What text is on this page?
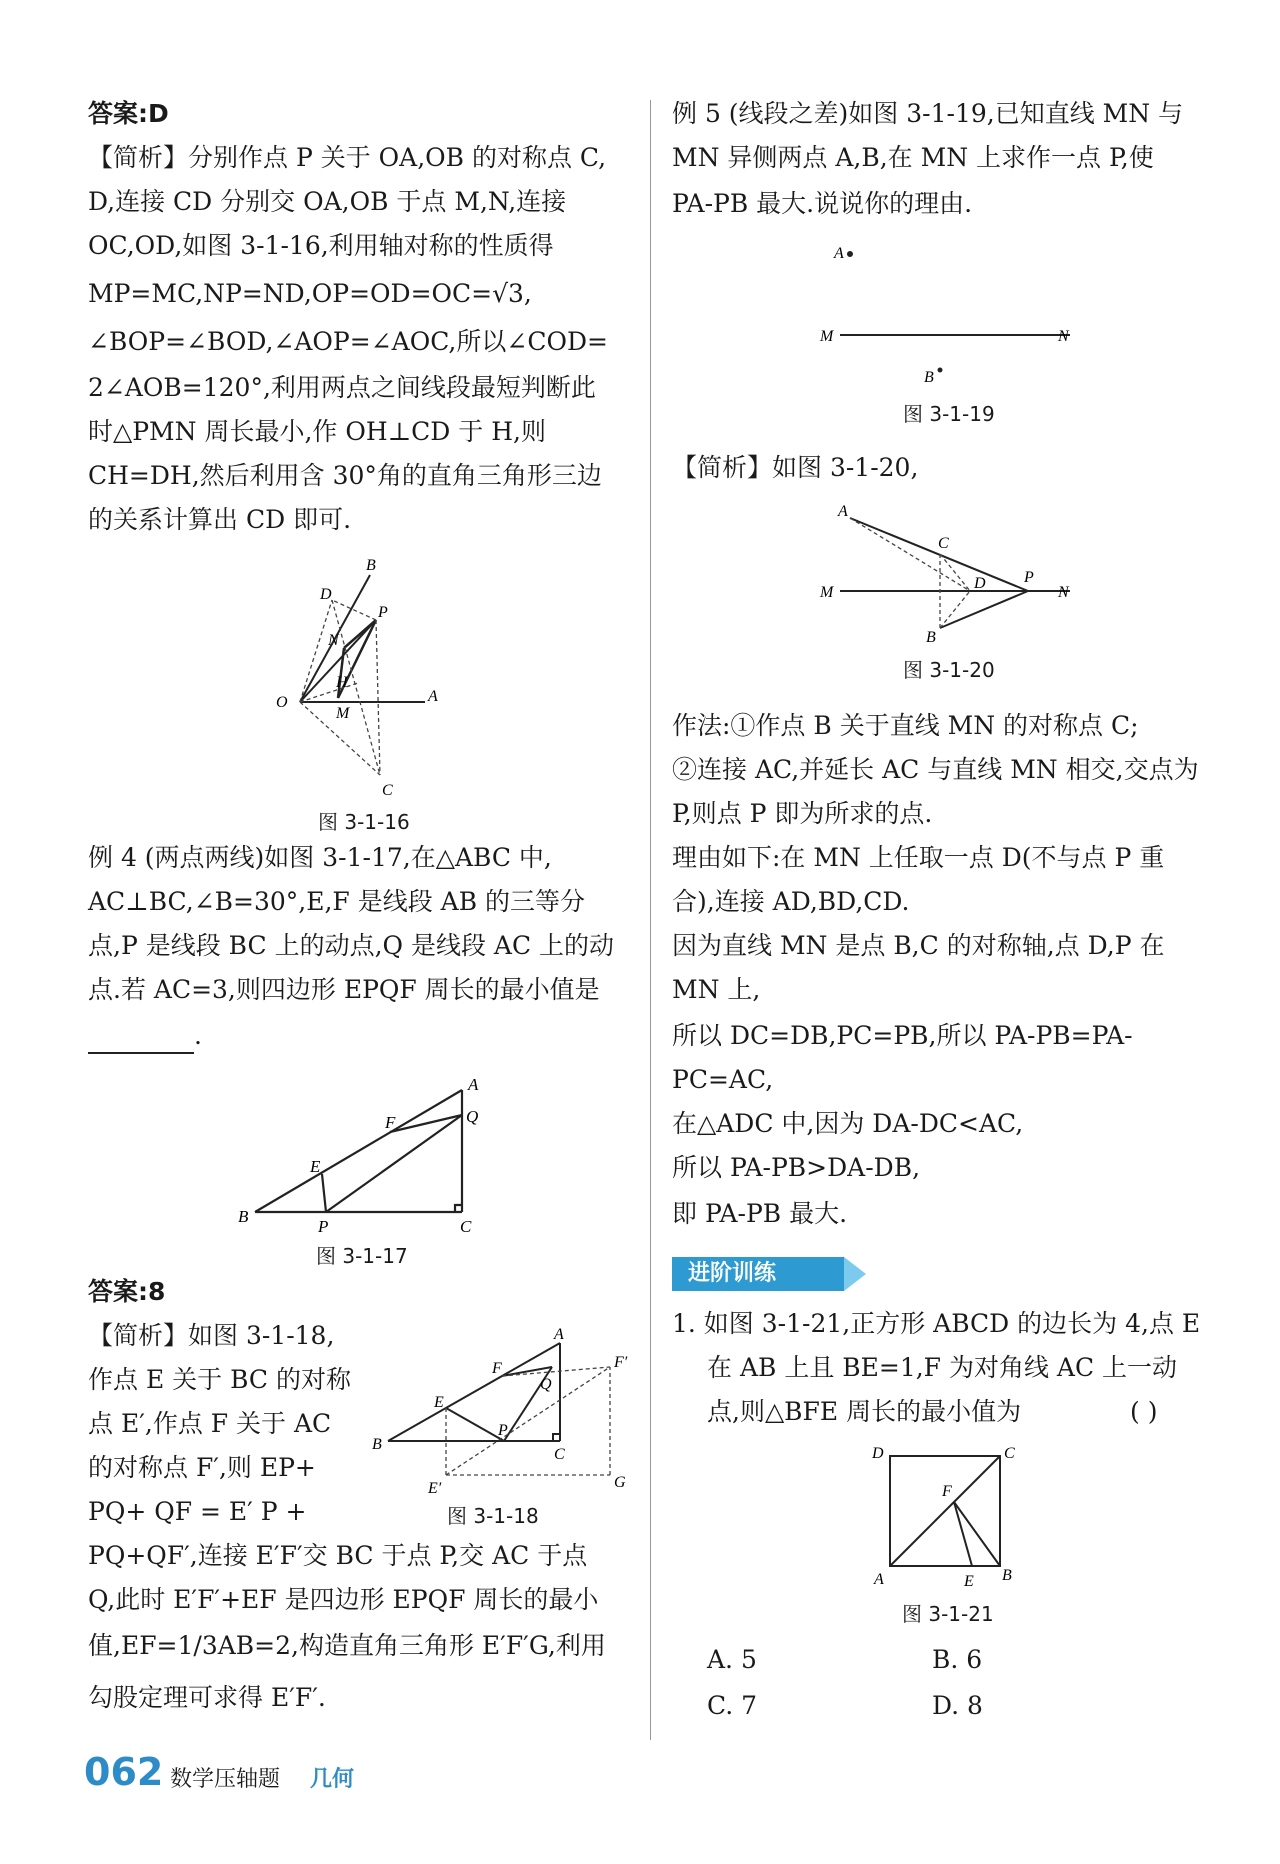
答案:D
【简析】分别作点 P 关于 OA,OB 的对称点 C,
D,连接 CD 分别交 OA,OB 于点 M,N,连接
OC,OD,如图 3-1-16,利用轴对称的性质得
MP=MC,NP=ND,OP=OD=OC=√3,
∠BOP=∠BOD,∠AOP=∠AOC,所以∠COD=
2∠AOB=120°,利用两点之间线段最短判断此
时△PMN 周长最小,作 OH⊥CD 于 H,则
CH=DH,然后利用含 30°角的直角三角形三边
的关系计算出 CD 即可.
B
D
P
N
H
O
M
A
C
图 3-1-16
例 4 (两点两线)如图 3-1-17,在△ABC 中,
AC⊥BC,∠B=30°,E,F 是线段 AB 的三等分
点,P 是线段 BC 上的动点,Q 是线段 AC 上的动
点.若 AC=3,则四边形 EPQF 周长的最小值是
.
A
Q
F
E
B
P	C
图 3-1-17
答案:8
【简析】如图 3-1-18,
作点 E 关于 BC 的对称
点 E′,作点 F 关于 AC
的对称点 F′,则 EP+
PQ+ QF = E′ P +
PQ+QF′,连接 E′F′交 BC 于点 P,交 AC 于点
Q,此时 E′F′+EF 是四边形 EPQF 周长的最小
值,EF=1/3AB=2,构造直角三角形 E′F′G,利用
勾股定理可求得 E′F′.
A
F′
F
Q
E
P
B
C
E′	G
图 3-1-18
例 5 (线段之差)如图 3-1-19,已知直线 MN 与
MN 异侧两点 A,B,在 MN 上求作一点 P,使
PA-PB 最大.说说你的理由.
A
M	N
B
图 3-1-19
【简析】如图 3-1-20,
M	N
A
C
D P
B
图 3-1-20
作法:①作点 B 关于直线 MN 的对称点 C;
②连接 AC,并延长 AC 与直线 MN 相交,交点为
P,则点 P 即为所求的点.
理由如下:在 MN 上任取一点 D(不与点 P 重
合),连接 AD,BD,CD.
因为直线 MN 是点 B,C 的对称轴,点 D,P 在
MN 上,
所以 DC=DB,PC=PB,所以 PA-PB=PA-
PC=AC,
在△ADC 中,因为 DA-DC<AC,
所以 PA-PB>DA-DB,
即 PA-PB 最大.
进阶训练
1. 如图 3-1-21,正方形 ABCD 的边长为 4,点 E
在 AB 上且 BE=1,F 为对角线 AC 上一动
点,则△BFE 周长的最小值为	( )
D	C
F
A	E B
图 3-1-21
A. 5	B. 6
C. 7	D. 8
062 数学压轴题 几何
